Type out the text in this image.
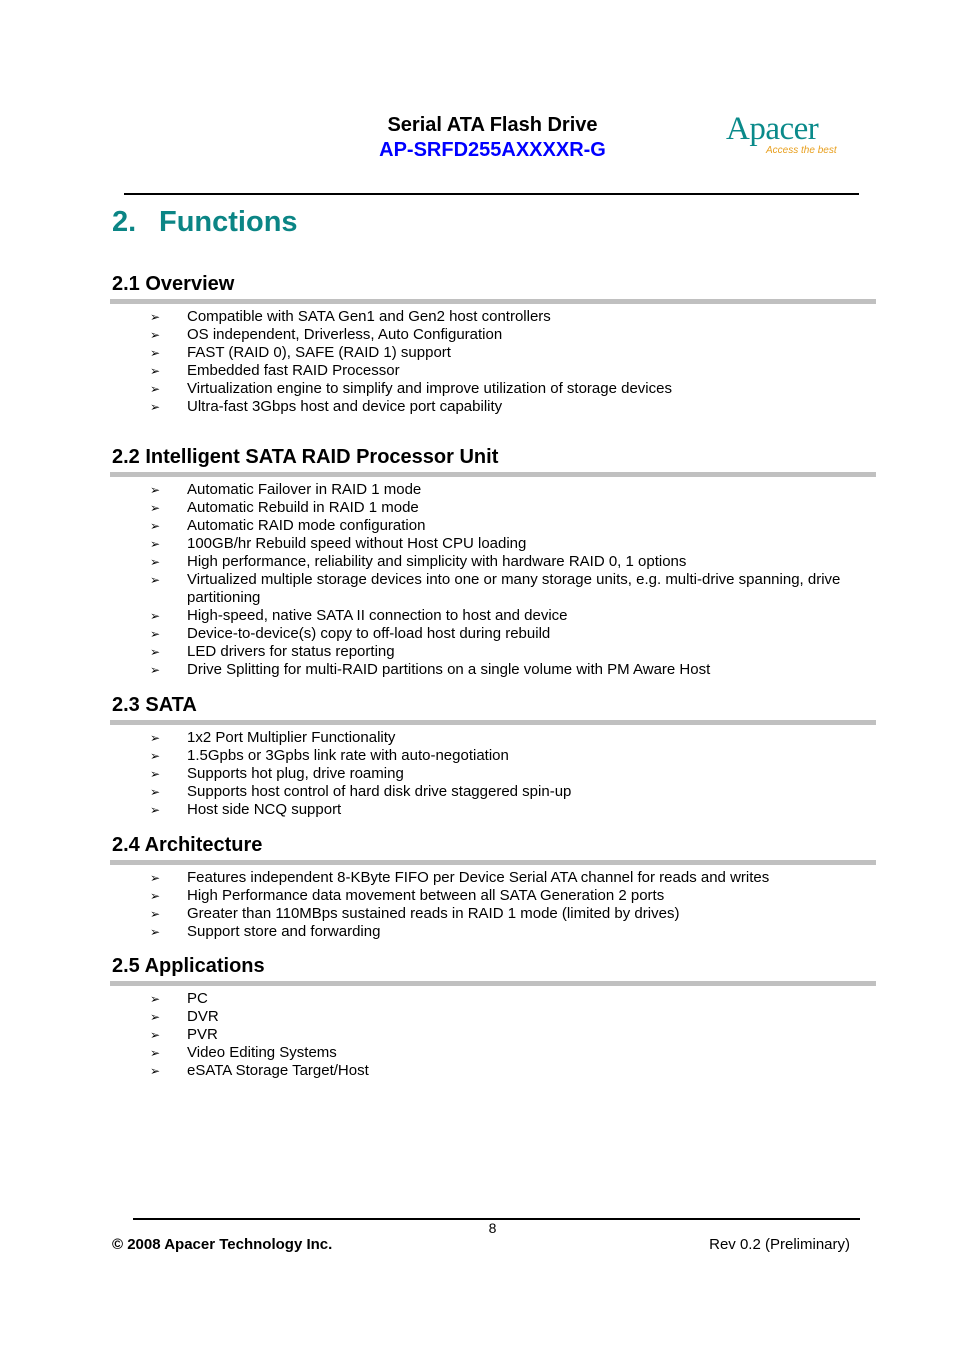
Serial ATA Flash Drive
AP-SRFD255AXXXXR-G
Apacer
Access the best
2. Functions
2.1 Overview
➢ Compatible with SATA Gen1 and Gen2 host controllers
➢ OS independent, Driverless, Auto Configuration
➢ FAST (RAID 0), SAFE (RAID 1) support
➢ Embedded fast RAID Processor
➢ Virtualization engine to simplify and improve utilization of storage devices
➢ Ultra-fast 3Gbps host and device port capability
2.2 Intelligent SATA RAID Processor Unit
➢ Automatic Failover in RAID 1 mode
➢ Automatic Rebuild in RAID 1 mode
➢ Automatic RAID mode configuration
➢ 100GB/hr Rebuild speed without Host CPU loading
➢ High performance, reliability and simplicity with hardware RAID 0, 1 options
➢ Virtualized multiple storage devices into one or many storage units, e.g. multi-drive spanning, drive partitioning
➢ High-speed, native SATA II connection to host and device
➢ Device-to-device(s) copy to off-load host during rebuild
➢ LED drivers for status reporting
➢ Drive Splitting for multi-RAID partitions on a single volume with PM Aware Host
2.3 SATA
➢ 1x2 Port Multiplier Functionality
➢ 1.5Gpbs or 3Gpbs link rate with auto-negotiation
➢ Supports hot plug, drive roaming
➢ Supports host control of hard disk drive staggered spin-up
➢ Host side NCQ support
2.4 Architecture
➢ Features independent 8-KByte FIFO per Device Serial ATA channel for reads and writes
➢ High Performance data movement between all SATA Generation 2 ports
➢ Greater than 110MBps sustained reads in RAID 1 mode (limited by drives)
➢ Support store and forwarding
2.5 Applications
➢ PC
➢ DVR
➢ PVR
➢ Video Editing Systems
➢ eSATA Storage Target/Host
8
© 2008 Apacer Technology Inc.	Rev 0.2 (Preliminary)
